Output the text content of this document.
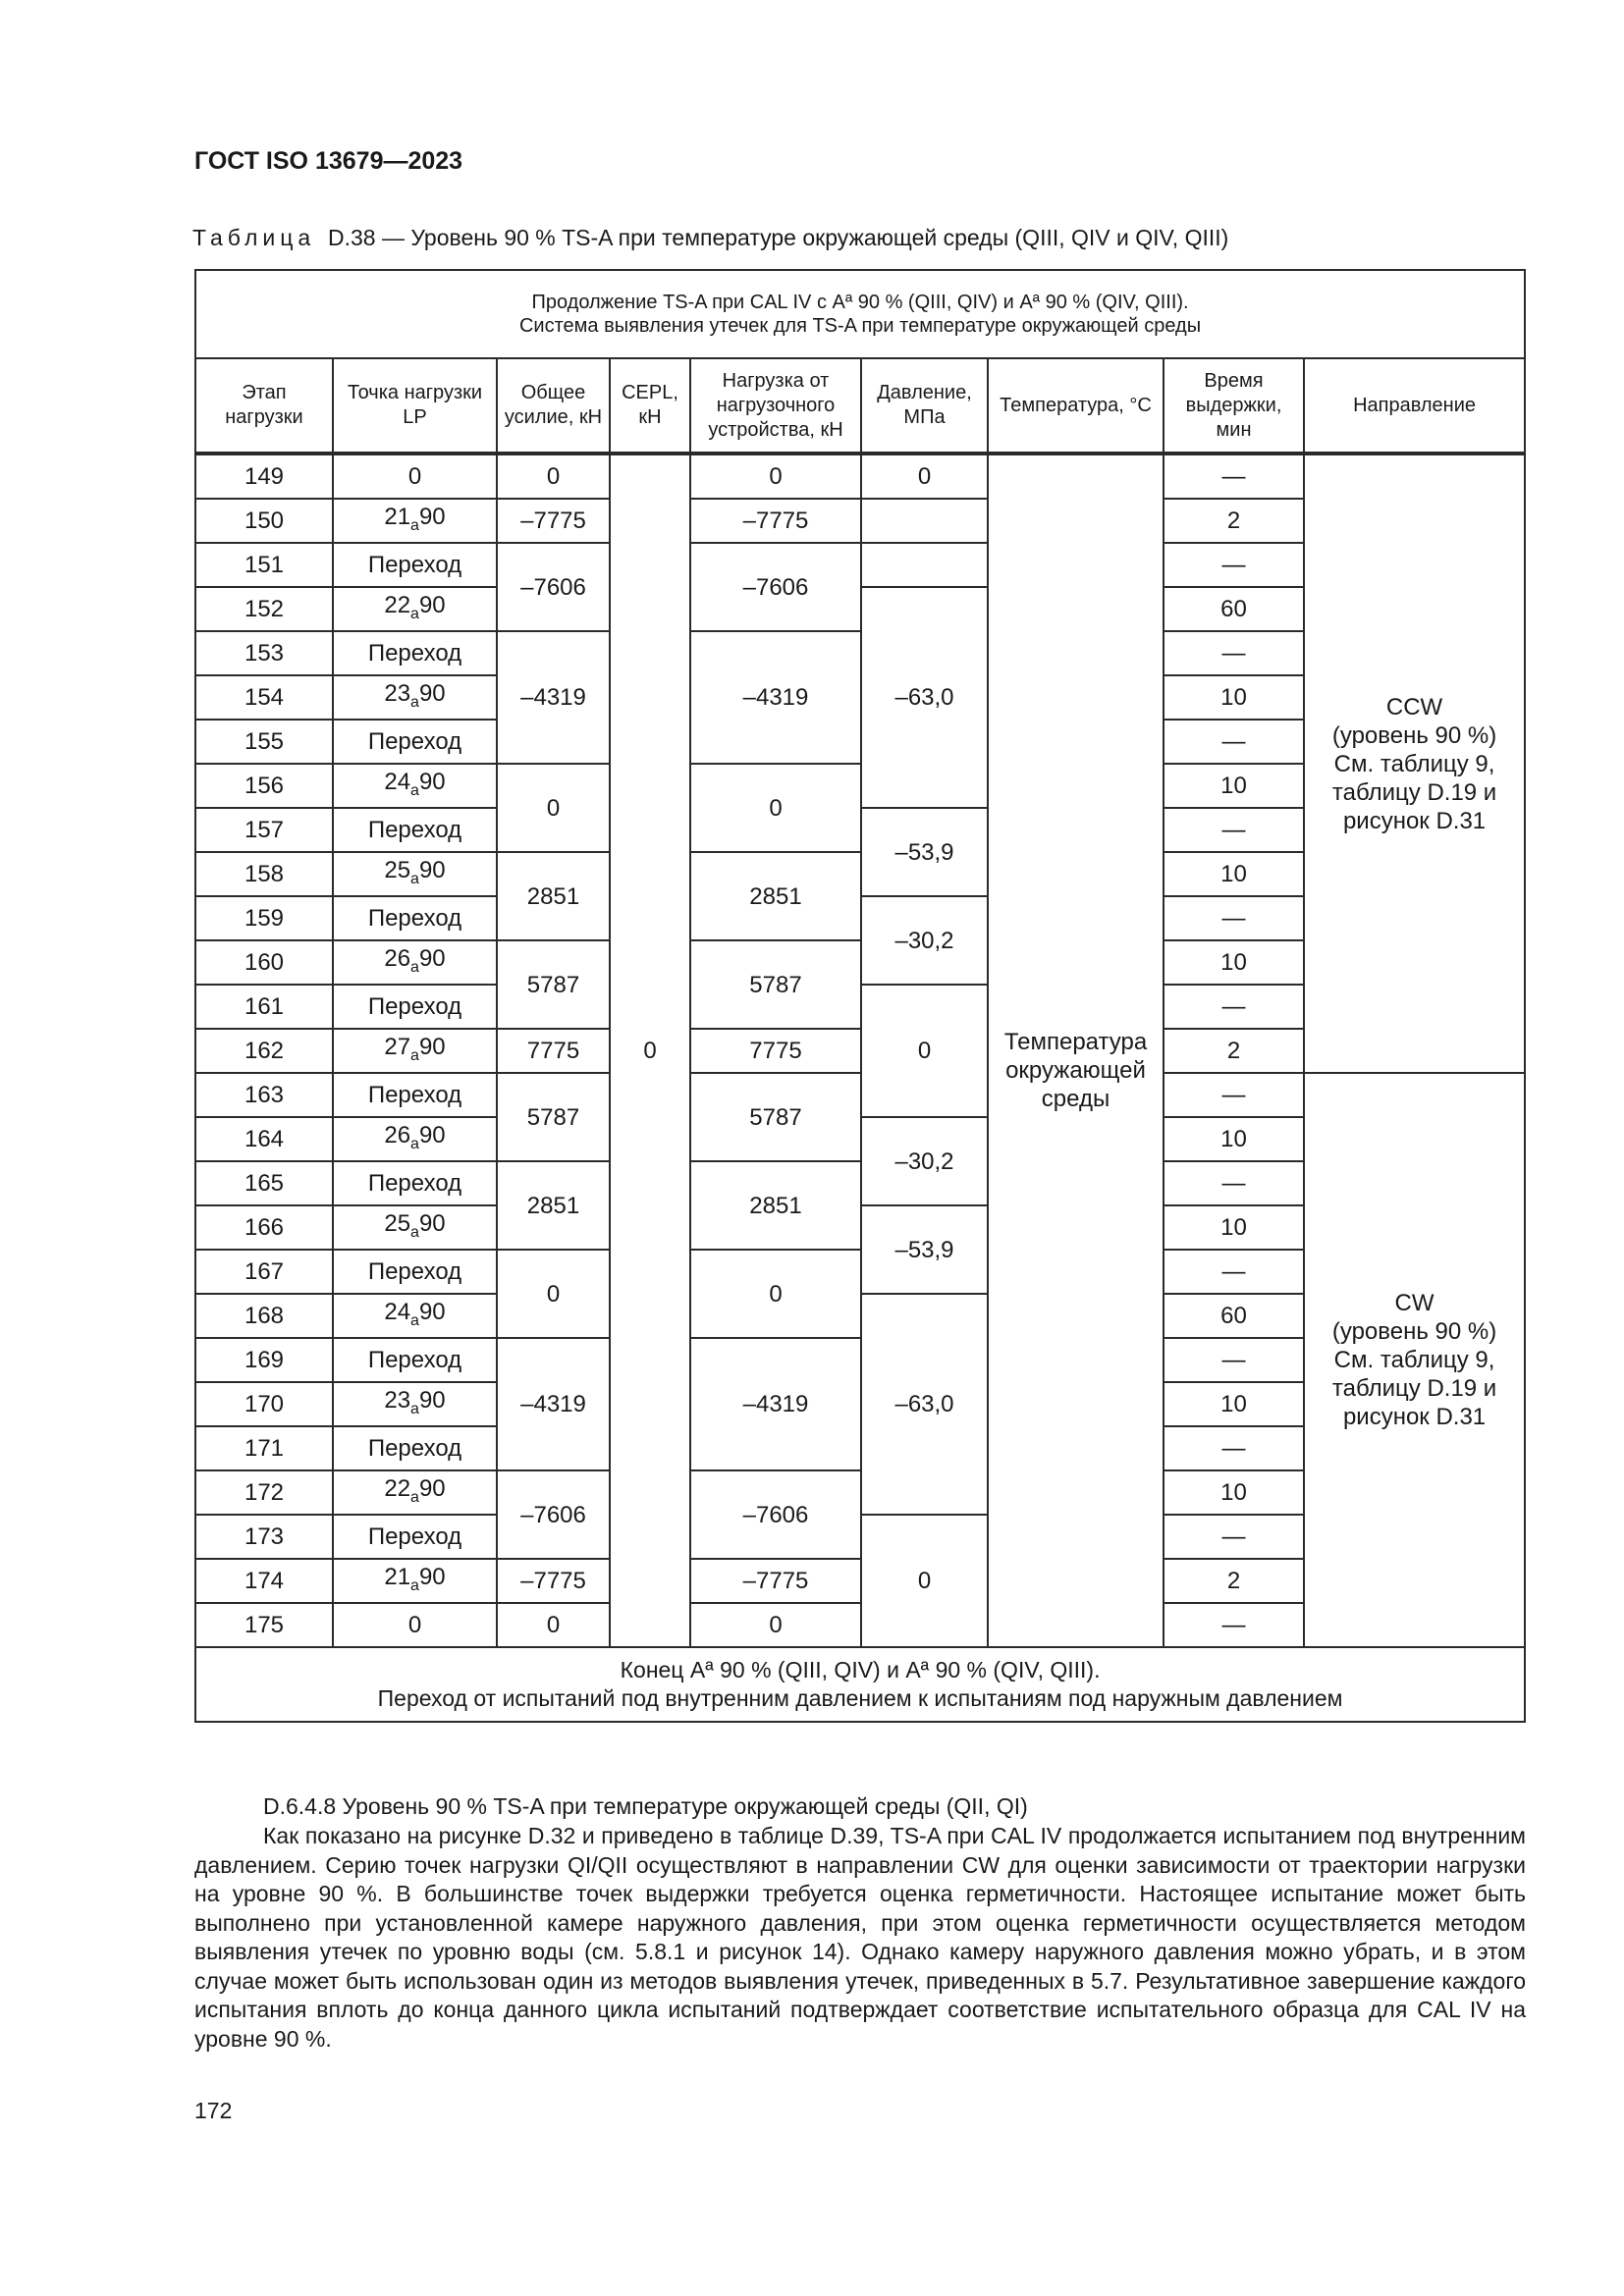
ГОСТ ISO 13679—2023
Таблица D.38 — Уровень 90 % TS-A при температуре окружающей среды (QIII, QIV и QIV, QIII)
Продолжение TS-A при CAL IV с Aª 90 % (QIII, QIV) и Aª 90 % (QIV, QIII).
Система выявления утечек для TS-A при температуре окружающей среды								

Этап нагрузки	Точка нагрузки LP	Общее усилие, кН	CEPL, кН	Нагрузка от нагрузочного устройства, кН	Давление, МПа	Температура, °С	Время выдержки, мин	Направление
149	0	0	0	0	0	Температура окружающей среды	—	CCW
(уровень 90 %)
См. таблицу 9,
таблицу D.19 и
рисунок D.31

150	$21_a90$	–7775		–7775			2	
151	Переход	–7606		–7606			—	
152	$22_a90$				–63,0		60	
153	Переход	–4319		–4319			—	
154	$23_a90$						10	
155	Переход						—	
156	$24_a90$	0		0			10	
157	Переход				–53,9		—	
158	$25_a90$	2851		2851			10	
159	Переход				–30,2		—	
160	$26_a90$	5787		5787			10	
161	Переход				0		—	
162	$27_a90$	7775		7775			2	
163	Переход	5787		5787			—	CW
(уровень 90 %)
См. таблицу 9,
таблицу D.19 и
рисунок D.31

164	$26_a90$				–30,2		10	
165	Переход	2851		2851			—	
166	$25_a90$				–53,9		10	
167	Переход	0		0			—	
168	$24_a90$				–63,0		60	
169	Переход	–4319		–4319			—	
170	$23_a90$						10	
171	Переход						—	
172	$22_a90$	–7606		–7606			10	
173	Переход				0		—	
174	$21_a90$	–7775		–7775			2	
175	0	0		0			—	

Конец Aª 90 % (QIII, QIV) и Aª 90 % (QIV, QIII).
Переход от испытаний под внутренним давлением к испытаниям под наружным давлением								
D.6.4.8 Уровень 90 % TS-A при температуре окружающей среды (QII, QI)
Как показано на рисунке D.32 и приведено в таблице D.39, TS-A при CAL IV продолжается испытанием под внутренним давлением. Серию точек нагрузки QI/QII осуществляют в направлении CW для оценки зависимости от траектории нагрузки на уровне 90 %. В большинстве точек выдержки требуется оценка герметичности. Настоящее испытание может быть выполнено при установленной камере наружного давления, при этом оценка герметичности осуществляется методом выявления утечек по уровню воды (см. 5.8.1 и рисунок 14). Однако камеру наружного давления можно убрать, и в этом случае может быть использован один из методов выявления утечек, приведенных в 5.7. Результативное завершение каждого испытания вплоть до конца данного цикла испытаний подтверждает соответствие испытательного образца для CAL IV на уровне 90 %.
172
